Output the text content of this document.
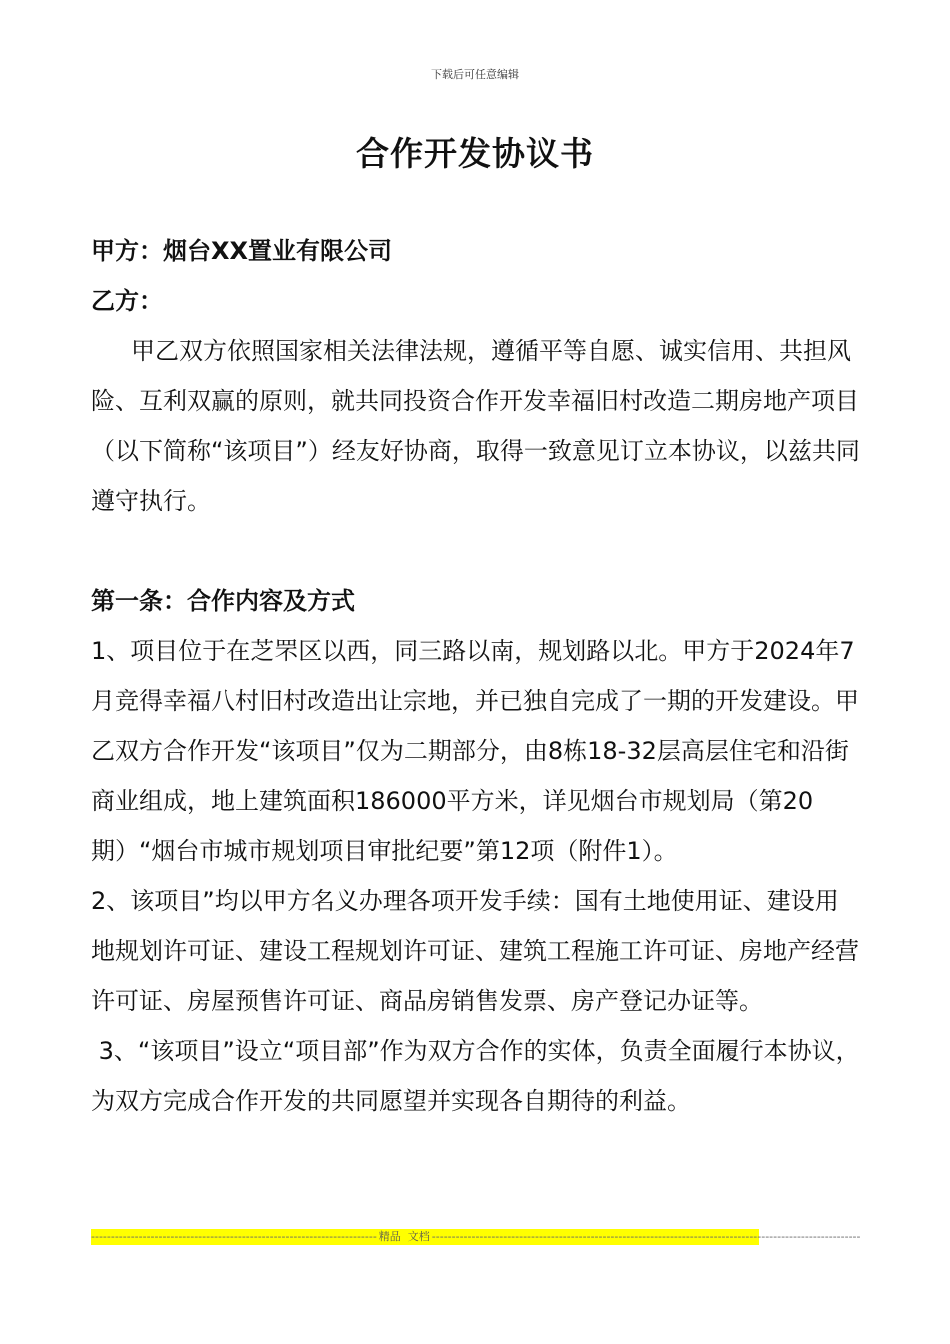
下载后可任意编辑
合作开发协议书

甲方：烟台XX置业有限公司

乙方：

甲乙双方依照国家相关法律法规，遵循平等自愿、诚实信用、共担风险、互利双赢的原则，就共同投资合作开发幸福旧村改造二期房地产项目（以下简称“该项目”）经友好协商，取得一致意见订立本协议，以兹共同遵守执行。

第一条：合作内容及方式

1、项目位于在芝罘区以西，同三路以南，规划路以北。甲方于2024年7月竞得幸福八村旧村改造出让宗地，并已独自完成了一期的开发建设。甲乙双方合作开发“该项目”仅为二期部分，由8栋18-32层高层住宅和沿街商业组成，地上建筑面积186000平方米，详见烟台市规划局（第20期）“烟台市城市规划项目审批纪要”第12项（附件1）。

2、该项目”均以甲方名义办理各项开发手续：国有土地使用证、建设用地规划许可证、建设工程规划许可证、建筑工程施工许可证、房地产经营许可证、房屋预售许可证、商品房销售发票、房产登记办证等。

3、“该项目”设立“项目部”作为双方合作的实体，负责全面履行本协议，为双方完成合作开发的共同愿望并实现各自期待的利益。

------------------------------------------------------------------------ 精品  文档 ------------------------------------------------------------------------------------------------------------
